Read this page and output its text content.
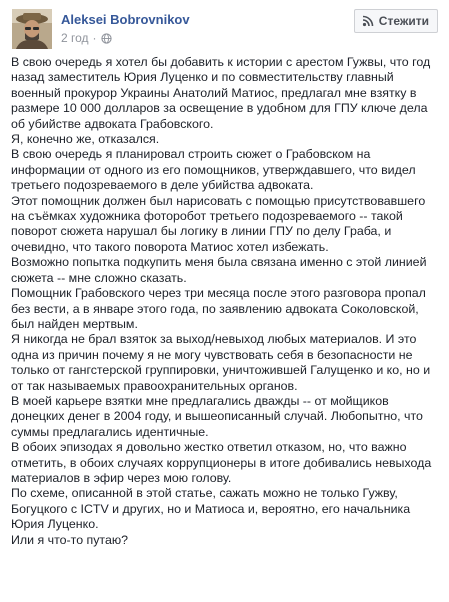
Aleksei Bobrovnikov
2 год ·
Стежити

В свою очередь я хотел бы добавить к истории с арестом Гужвы, что год назад заместитель Юрия Луценко и по совместительству главный военный прокурор Украины Анатолий Матиос, предлагал мне взятку в размере 10 000 долларов за освещение в удобном для ГПУ ключе дела об убийстве адвоката Грабовского.

Я, конечно же, отказался.

В свою очередь я планировал строить сюжет о Грабовском на информации от одного из его помощников, утверждавшего, что видел третьего подозреваемого в деле убийства адвоката.

Этот помощник должен был нарисовать с помощью присутствовавшего на съёмках художника фоторобот третьего подозреваемого -- такой поворот сюжета нарушал бы логику в линии ГПУ по делу Граба, и очевидно, что такого поворота Матиос хотел избежать.

Возможно попытка подкупить меня была связана именно с этой линией сюжета -- мне сложно сказать.

Помощник Грабовского через три месяца после этого разговора пропал без вести, а в январе этого года, по заявлению адвоката Соколовской, был найден мертвым.

Я никогда не брал взяток за выход/невыход любых материалов. И это одна из причин почему я не могу чувствовать себя в безопасности не только от гангстерской группировки, уничтожившей Галущенко и ко, но и от так называемых правоохранительных органов.

В моей карьере взятки мне предлагались дважды -- от мойщиков донецких денег в 2004 году, и вышеописанный случай. Любопытно, что суммы предлагались идентичные.

В обоих эпизодах я довольно жестко ответил отказом, но, что важно отметить, в обоих случаях коррупционеры в итоге добивались невыхода материалов в эфир через мою голову.

По схеме, описанной в этой статье, сажать можно не только Гужву, Богуцкого с ICTV и других, но и Матиоса и, вероятно, его начальника Юрия Луценко.

Или я что-то путаю?
